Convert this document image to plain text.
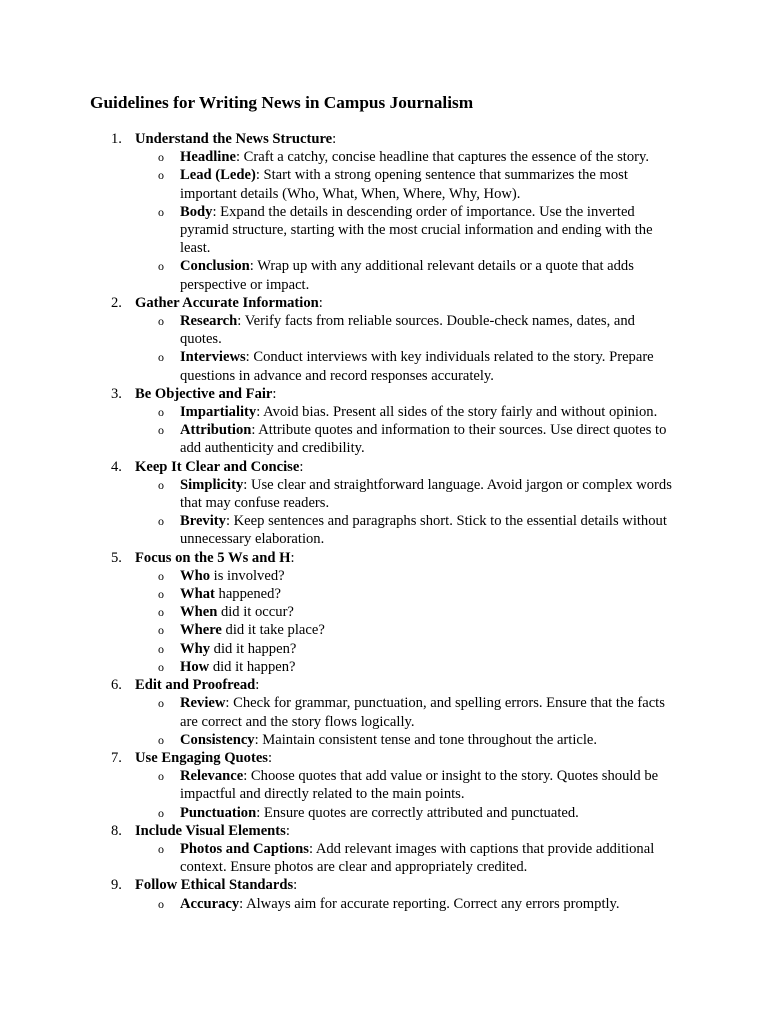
Guidelines for Writing News in Campus Journalism
1. Understand the News Structure:
o Headline: Craft a catchy, concise headline that captures the essence of the story.
o Lead (Lede): Start with a strong opening sentence that summarizes the most important details (Who, What, When, Where, Why, How).
o Body: Expand the details in descending order of importance. Use the inverted pyramid structure, starting with the most crucial information and ending with the least.
o Conclusion: Wrap up with any additional relevant details or a quote that adds perspective or impact.
2. Gather Accurate Information:
o Research: Verify facts from reliable sources. Double-check names, dates, and quotes.
o Interviews: Conduct interviews with key individuals related to the story. Prepare questions in advance and record responses accurately.
3. Be Objective and Fair:
o Impartiality: Avoid bias. Present all sides of the story fairly and without opinion.
o Attribution: Attribute quotes and information to their sources. Use direct quotes to add authenticity and credibility.
4. Keep It Clear and Concise:
o Simplicity: Use clear and straightforward language. Avoid jargon or complex words that may confuse readers.
o Brevity: Keep sentences and paragraphs short. Stick to the essential details without unnecessary elaboration.
5. Focus on the 5 Ws and H:
o Who is involved?
o What happened?
o When did it occur?
o Where did it take place?
o Why did it happen?
o How did it happen?
6. Edit and Proofread:
o Review: Check for grammar, punctuation, and spelling errors. Ensure that the facts are correct and the story flows logically.
o Consistency: Maintain consistent tense and tone throughout the article.
7. Use Engaging Quotes:
o Relevance: Choose quotes that add value or insight to the story. Quotes should be impactful and directly related to the main points.
o Punctuation: Ensure quotes are correctly attributed and punctuated.
8. Include Visual Elements:
o Photos and Captions: Add relevant images with captions that provide additional context. Ensure photos are clear and appropriately credited.
9. Follow Ethical Standards:
o Accuracy: Always aim for accurate reporting. Correct any errors promptly.
